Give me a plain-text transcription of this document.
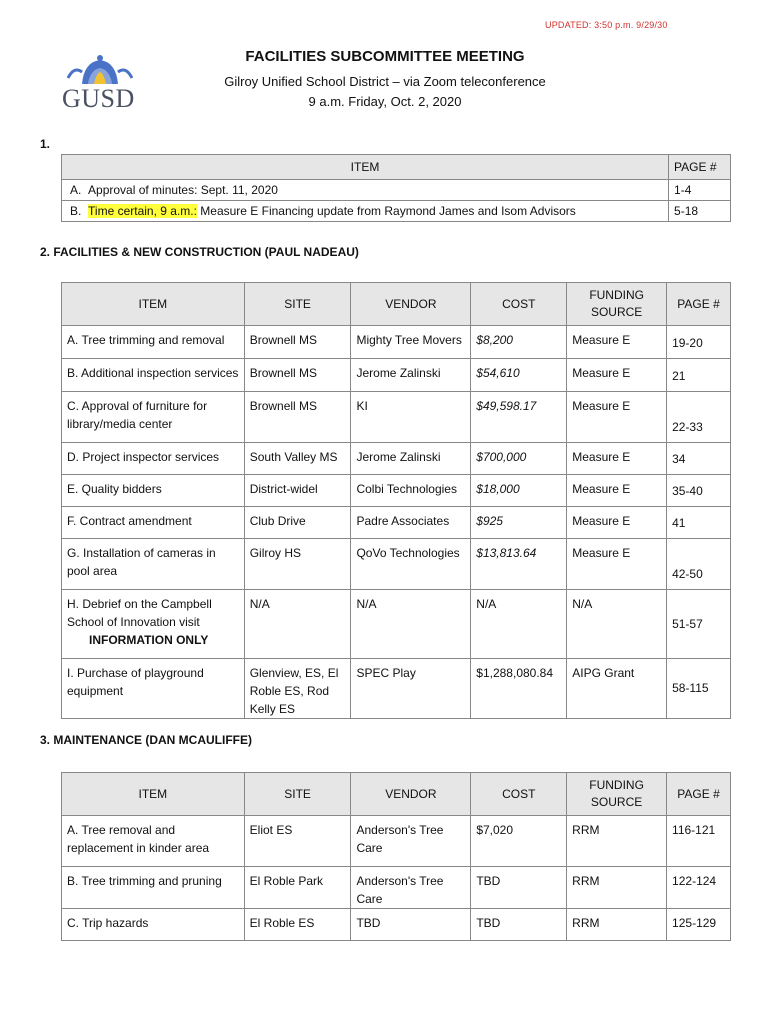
UPDATED: 3:50 p.m. 9/29/30
GUSD
FACILITIES SUBCOMMITTEE MEETING
Gilroy Unified School District – via Zoom teleconference
9 a.m. Friday, Oct. 2, 2020
1.
ITEM	PAGE #
A. Approval of minutes: Sept. 11, 2020	1-4
B. Time certain, 9 a.m.: Measure E Financing update from Raymond James and Isom Advisors	5-18
2. FACILITIES & NEW CONSTRUCTION (PAUL NADEAU)
ITEM	SITE	VENDOR	COST	FUNDING SOURCE	PAGE #
A. Tree trimming and removal	Brownell MS	Mighty Tree Movers	$8,200	Measure E	19-20
B. Additional inspection services	Brownell MS	Jerome Zalinski	$54,610	Measure E	21
C. Approval of furniture for library/media center	Brownell MS	KI	$49,598.17	Measure E	22-33
D. Project inspector services	South Valley MS	Jerome Zalinski	$700,000	Measure E	34
E. Quality bidders	District-widel	Colbi Technologies	$18,000	Measure E	35-40
F. Contract amendment	Club Drive	Padre Associates	$925	Measure E	41
G. Installation of cameras in pool area	Gilroy HS	QoVo Technologies	$13,813.64	Measure E	42-50

H. Debrief on the Campbell School of Innovation visit
INFORMATION ONLY	N/A	N/A	N/A	N/A	51-57
I. Purchase of playground equipment	Glenview, ES, El Roble ES, Rod Kelly ES	SPEC Play	$1,288,080.84	AIPG Grant	58-115
3. MAINTENANCE (DAN MCAULIFFE)
ITEM	SITE	VENDOR	COST	FUNDING SOURCE	PAGE #
A. Tree removal and replacement in kinder area	Eliot ES	Anderson's Tree Care	$7,020	RRM	116-121
B. Tree trimming and pruning	El Roble Park	Anderson's Tree Care	TBD	RRM	122-124
C. Trip hazards	El Roble ES	TBD	TBD	RRM	125-129
